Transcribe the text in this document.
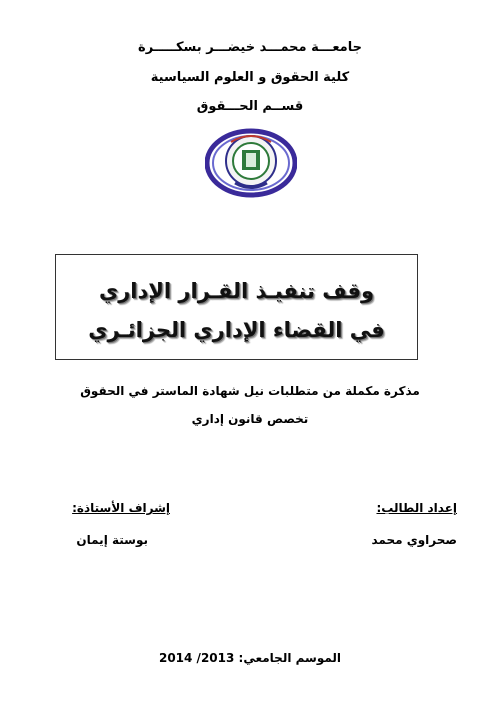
جامعـــة محمـــد خيضـــر بسكـــــرة
كلية الحقوق و العلوم السياسية
قســم الحـــقوق
وقف تنفيـذ القـرار الإداري
في القضاء الإداري الجزائـري
مذكرة مكملة من متطلبات نيل شهادة الماستر في الحقوق
تخصص قانون إداري
إعداد الطالب:
إشراف الأستاذة:
صحراوي محمد
بوستة إيمان
الموسم الجامعي: 2013/ 2014
